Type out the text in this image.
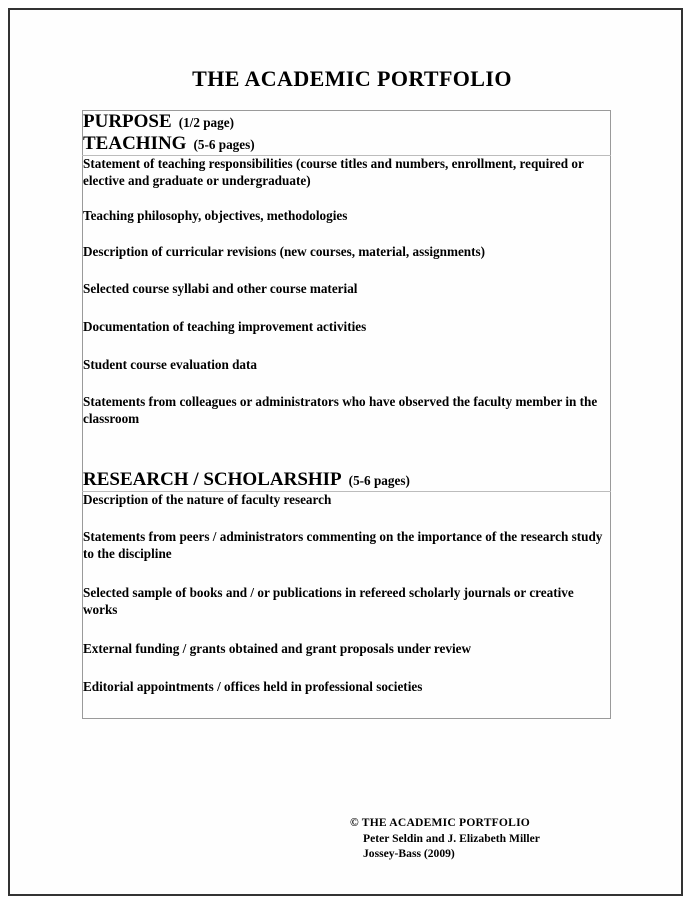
THE ACADEMIC PORTFOLIO
PURPOSE (1/2 page)
TEACHING (5-6 pages)

Statement of teaching responsibilities (course titles and numbers, enrollment, required or elective and graduate or undergraduate)

Teaching philosophy, objectives, methodologies

Description of curricular revisions (new courses, material, assignments)

Selected course syllabi and other course material

Documentation of teaching improvement activities

Student course evaluation data

Statements from colleagues or administrators who have observed the faculty member in the classroom

RESEARCH / SCHOLARSHIP (5-6 pages)

Description of the nature of faculty research

Statements from peers / administrators commenting on the importance of the research study to the discipline

Selected sample of books and / or publications in refereed scholarly journals or creative works

External funding / grants obtained and grant proposals under review

Editorial appointments / offices held in professional societies
© THE ACADEMIC PORTFOLIO
Peter Seldin and J. Elizabeth Miller
Jossey-Bass (2009)
